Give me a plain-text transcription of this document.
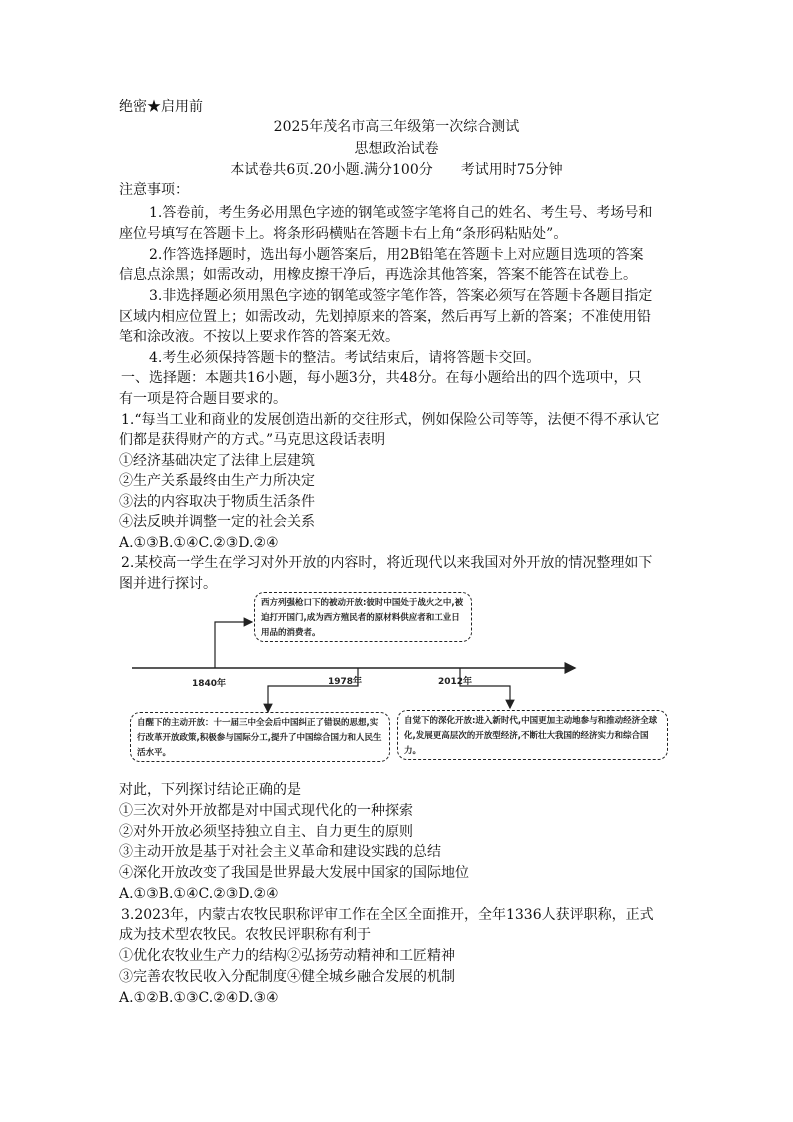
绝密★启用前
2025年茂名市高三年级第一次综合测试
思想政治试卷
本试卷共6页.20小题.满分100分　　考试用时75分钟
注意事项：
1.答卷前，考生务必用黑色字迹的钢笔或签字笔将自己的姓名、考生号、考场号和
座位号填写在答题卡上。将条形码横贴在答题卡右上角“条形码粘贴处”。
2.作答选择题时，选出每小题答案后，用2B铅笔在答题卡上对应题目选项的答案
信息点涂黑；如需改动，用橡皮擦干净后，再选涂其他答案，答案不能答在试卷上。
3.非选择题必须用黑色字迹的钢笔或签字笔作答，答案必须写在答题卡各题目指定
区域内相应位置上；如需改动，先划掉原来的答案，然后再写上新的答案；不准使用铅
笔和涂改液。不按以上要求作答的答案无效。
4.考生必须保持答题卡的整洁。考试结束后，请将答题卡交回。
一、选择题：本题共16小题，每小题3分，共48分。在每小题给出的四个选项中，只
有一项是符合题目要求的。
1.“每当工业和商业的发展创造出新的交往形式，例如保险公司等等，法便不得不承认它
们都是获得财产的方式。”马克思这段话表明
①经济基础决定了法律上层建筑
②生产关系最终由生产力所决定
③法的内容取决于物质生活条件
④法反映并调整一定的社会关系
A.①③B.①④C.②③D.②④
2.某校高一学生在学习对外开放的内容时，将近现代以来我国对外开放的情况整理如下
图并进行探讨。
西方列强枪口下的被动开放:彼时中国处于战火之中,被迫打开国门,成为西方殖民者的原材料供应者和工业日用品的消费者。
1840年	1978年	2012年
自醒下的主动开放：十一届三中全会后中国纠正了错误的思想,实行改革开放政策,积极参与国际分工,提升了中国综合国力和人民生活水平。
自觉下的深化开放:进入新时代,中国更加主动地参与和推动经济全球化,发展更高层次的开放型经济,不断壮大我国的经济实力和综合国力。
对此，下列探讨结论正确的是
①三次对外开放都是对中国式现代化的一种探索
②对外开放必须坚持独立自主、自力更生的原则
③主动开放是基于对社会主义革命和建设实践的总结
④深化开放改变了我国是世界最大发展中国家的国际地位
A.①③B.①④C.②③D.②④
3.2023年，内蒙古农牧民职称评审工作在全区全面推开，全年1336人获评职称，正式
成为技术型农牧民。农牧民评职称有利于
①优化农牧业生产力的结构②弘扬劳动精神和工匠精神
③完善农牧民收入分配制度④健全城乡融合发展的机制
A.①②B.①③C.②④D.③④
